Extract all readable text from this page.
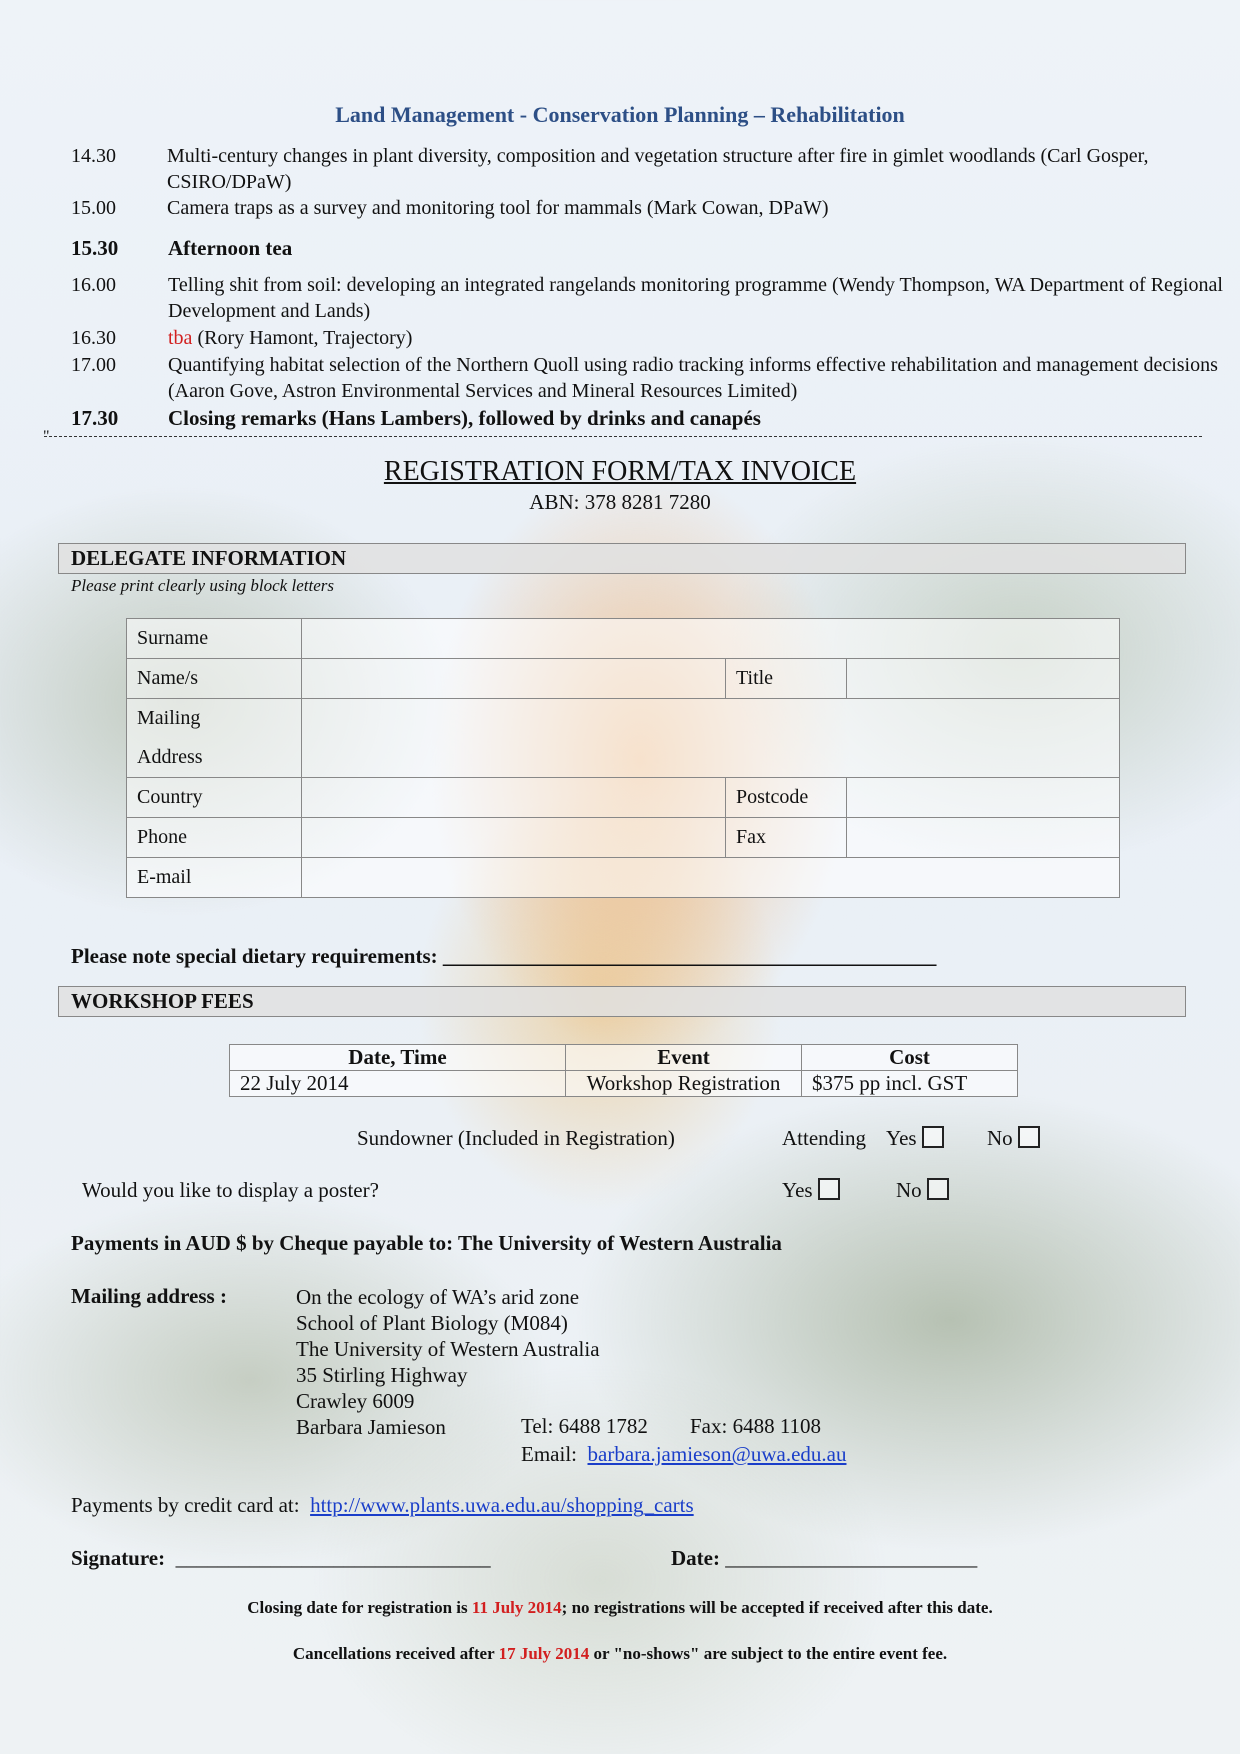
Land Management - Conservation Planning – Rehabilitation
14.30	Multi-century changes in plant diversity, composition and vegetation structure after fire in gimlet woodlands (Carl Gosper, CSIRO/DPaW)
15.00	Camera traps as a survey and monitoring tool for mammals (Mark Cowan, DPaW)
15.30	Afternoon tea
16.00	Telling shit from soil: developing an integrated rangelands monitoring programme (Wendy Thompson, WA Department of Regional Development and Lands)
16.30	tba (Rory Hamont, Trajectory)
17.00	Quantifying habitat selection of the Northern Quoll using radio tracking informs effective rehabilitation and management decisions (Aaron Gove, Astron Environmental Services and Mineral Resources Limited)
17.30	Closing remarks (Hans Lambers), followed by drinks and canapés
"
REGISTRATION FORM/TAX INVOICE
ABN: 378 8281 7280
DELEGATE INFORMATION
Please print clearly using block letters
Surname			
Name/s		Title	
Mailing
Address			
Country		Postcode	
Phone		Fax	
E-mail			
Please note special dietary requirements: _______________________________________________
WORKSHOP FEES
Date, Time	Event	Cost
22 July 2014	Workshop Registration	$375 pp incl. GST
Sundowner (Included in Registration)	Attending Yes	No
Would you like to display a poster?	Yes	No
Payments in AUD $ by Cheque payable to: The University of Western Australia
Mailing address :	On the ecology of WA’s arid zone
School of Plant Biology (M084)
The University of Western Australia
35 Stirling Highway
Crawley 6009
Barbara Jamieson	Tel: 6488 1782 Fax: 6488 1108
Email: barbara.jamieson@uwa.edu.au
Payments by credit card at: http://www.plants.uwa.edu.au/shopping_carts
Signature: ______________________________	Date: ________________________
Closing date for registration is 11 July 2014; no registrations will be accepted if received after this date.
Cancellations received after 17 July 2014 or "no-shows" are subject to the entire event fee.
